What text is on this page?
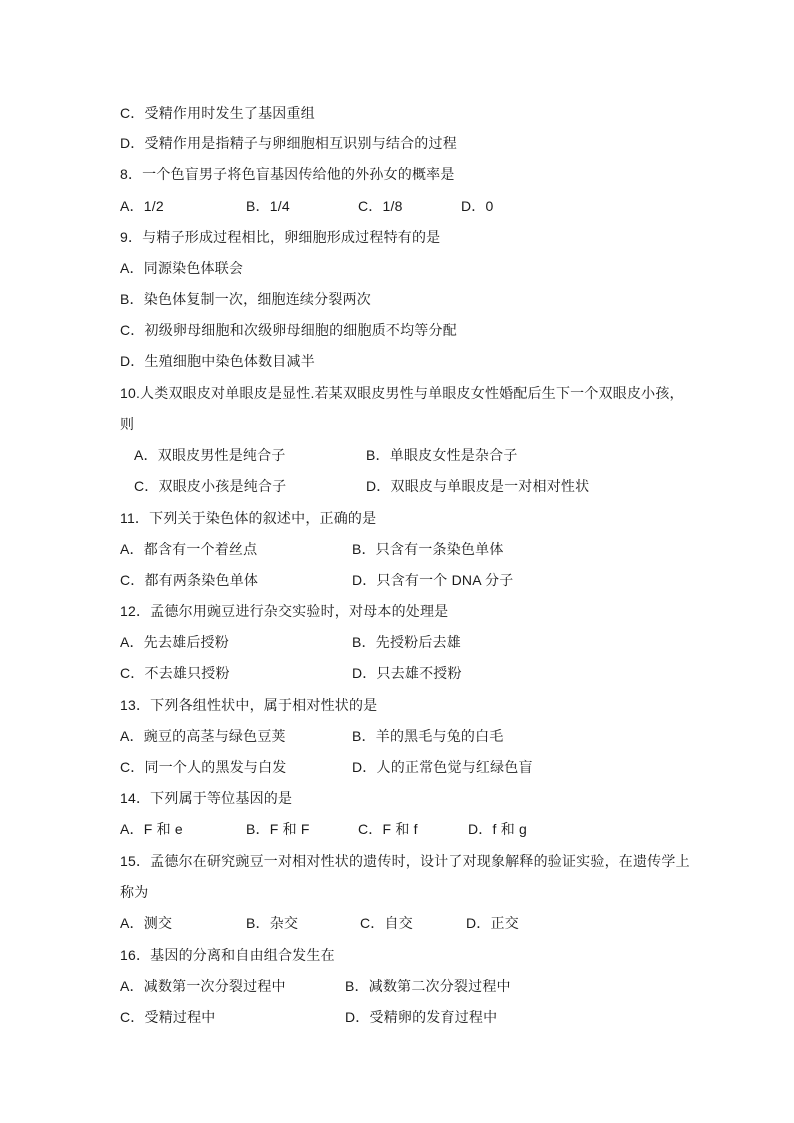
C．受精作用时发生了基因重组
D．受精作用是指精子与卵细胞相互识别与结合的过程
8．一个色盲男子将色盲基因传给他的外孙女的概率是
A．1/2	B．1/4	C．1/8	D．0
9．与精子形成过程相比，卵细胞形成过程特有的是
A．同源染色体联会
B．染色体复制一次，细胞连续分裂两次
C．初级卵母细胞和次级卵母细胞的细胞质不均等分配
D．生殖细胞中染色体数目减半
10.人类双眼皮对单眼皮是显性.若某双眼皮男性与单眼皮女性婚配后生下一个双眼皮小孩，
则
A．双眼皮男性是纯合子	B．单眼皮女性是杂合子
C．双眼皮小孩是纯合子	D．双眼皮与单眼皮是一对相对性状
11．下列关于染色体的叙述中，正确的是
A．都含有一个着丝点	B．只含有一条染色单体
C．都有两条染色单体	D．只含有一个 DNA 分子
12．孟德尔用豌豆进行杂交实验时，对母本的处理是
A．先去雄后授粉	B．先授粉后去雄
C．不去雄只授粉	D．只去雄不授粉
13．下列各组性状中，属于相对性状的是
A．豌豆的高茎与绿色豆荚	B．羊的黑毛与兔的白毛
C．同一个人的黑发与白发	D．人的正常色觉与红绿色盲
14．下列属于等位基因的是
A．F 和 e	B．F 和 F	C．F 和 f	D．f 和 g
15．孟德尔在研究豌豆一对相对性状的遗传时，设计了对现象解释的验证实验，在遗传学上
称为
A．测交	B．杂交	C．自交	D．正交
16．基因的分离和自由组合发生在
A．减数第一次分裂过程中	B．减数第二次分裂过程中
C．受精过程中	D．受精卵的发育过程中
